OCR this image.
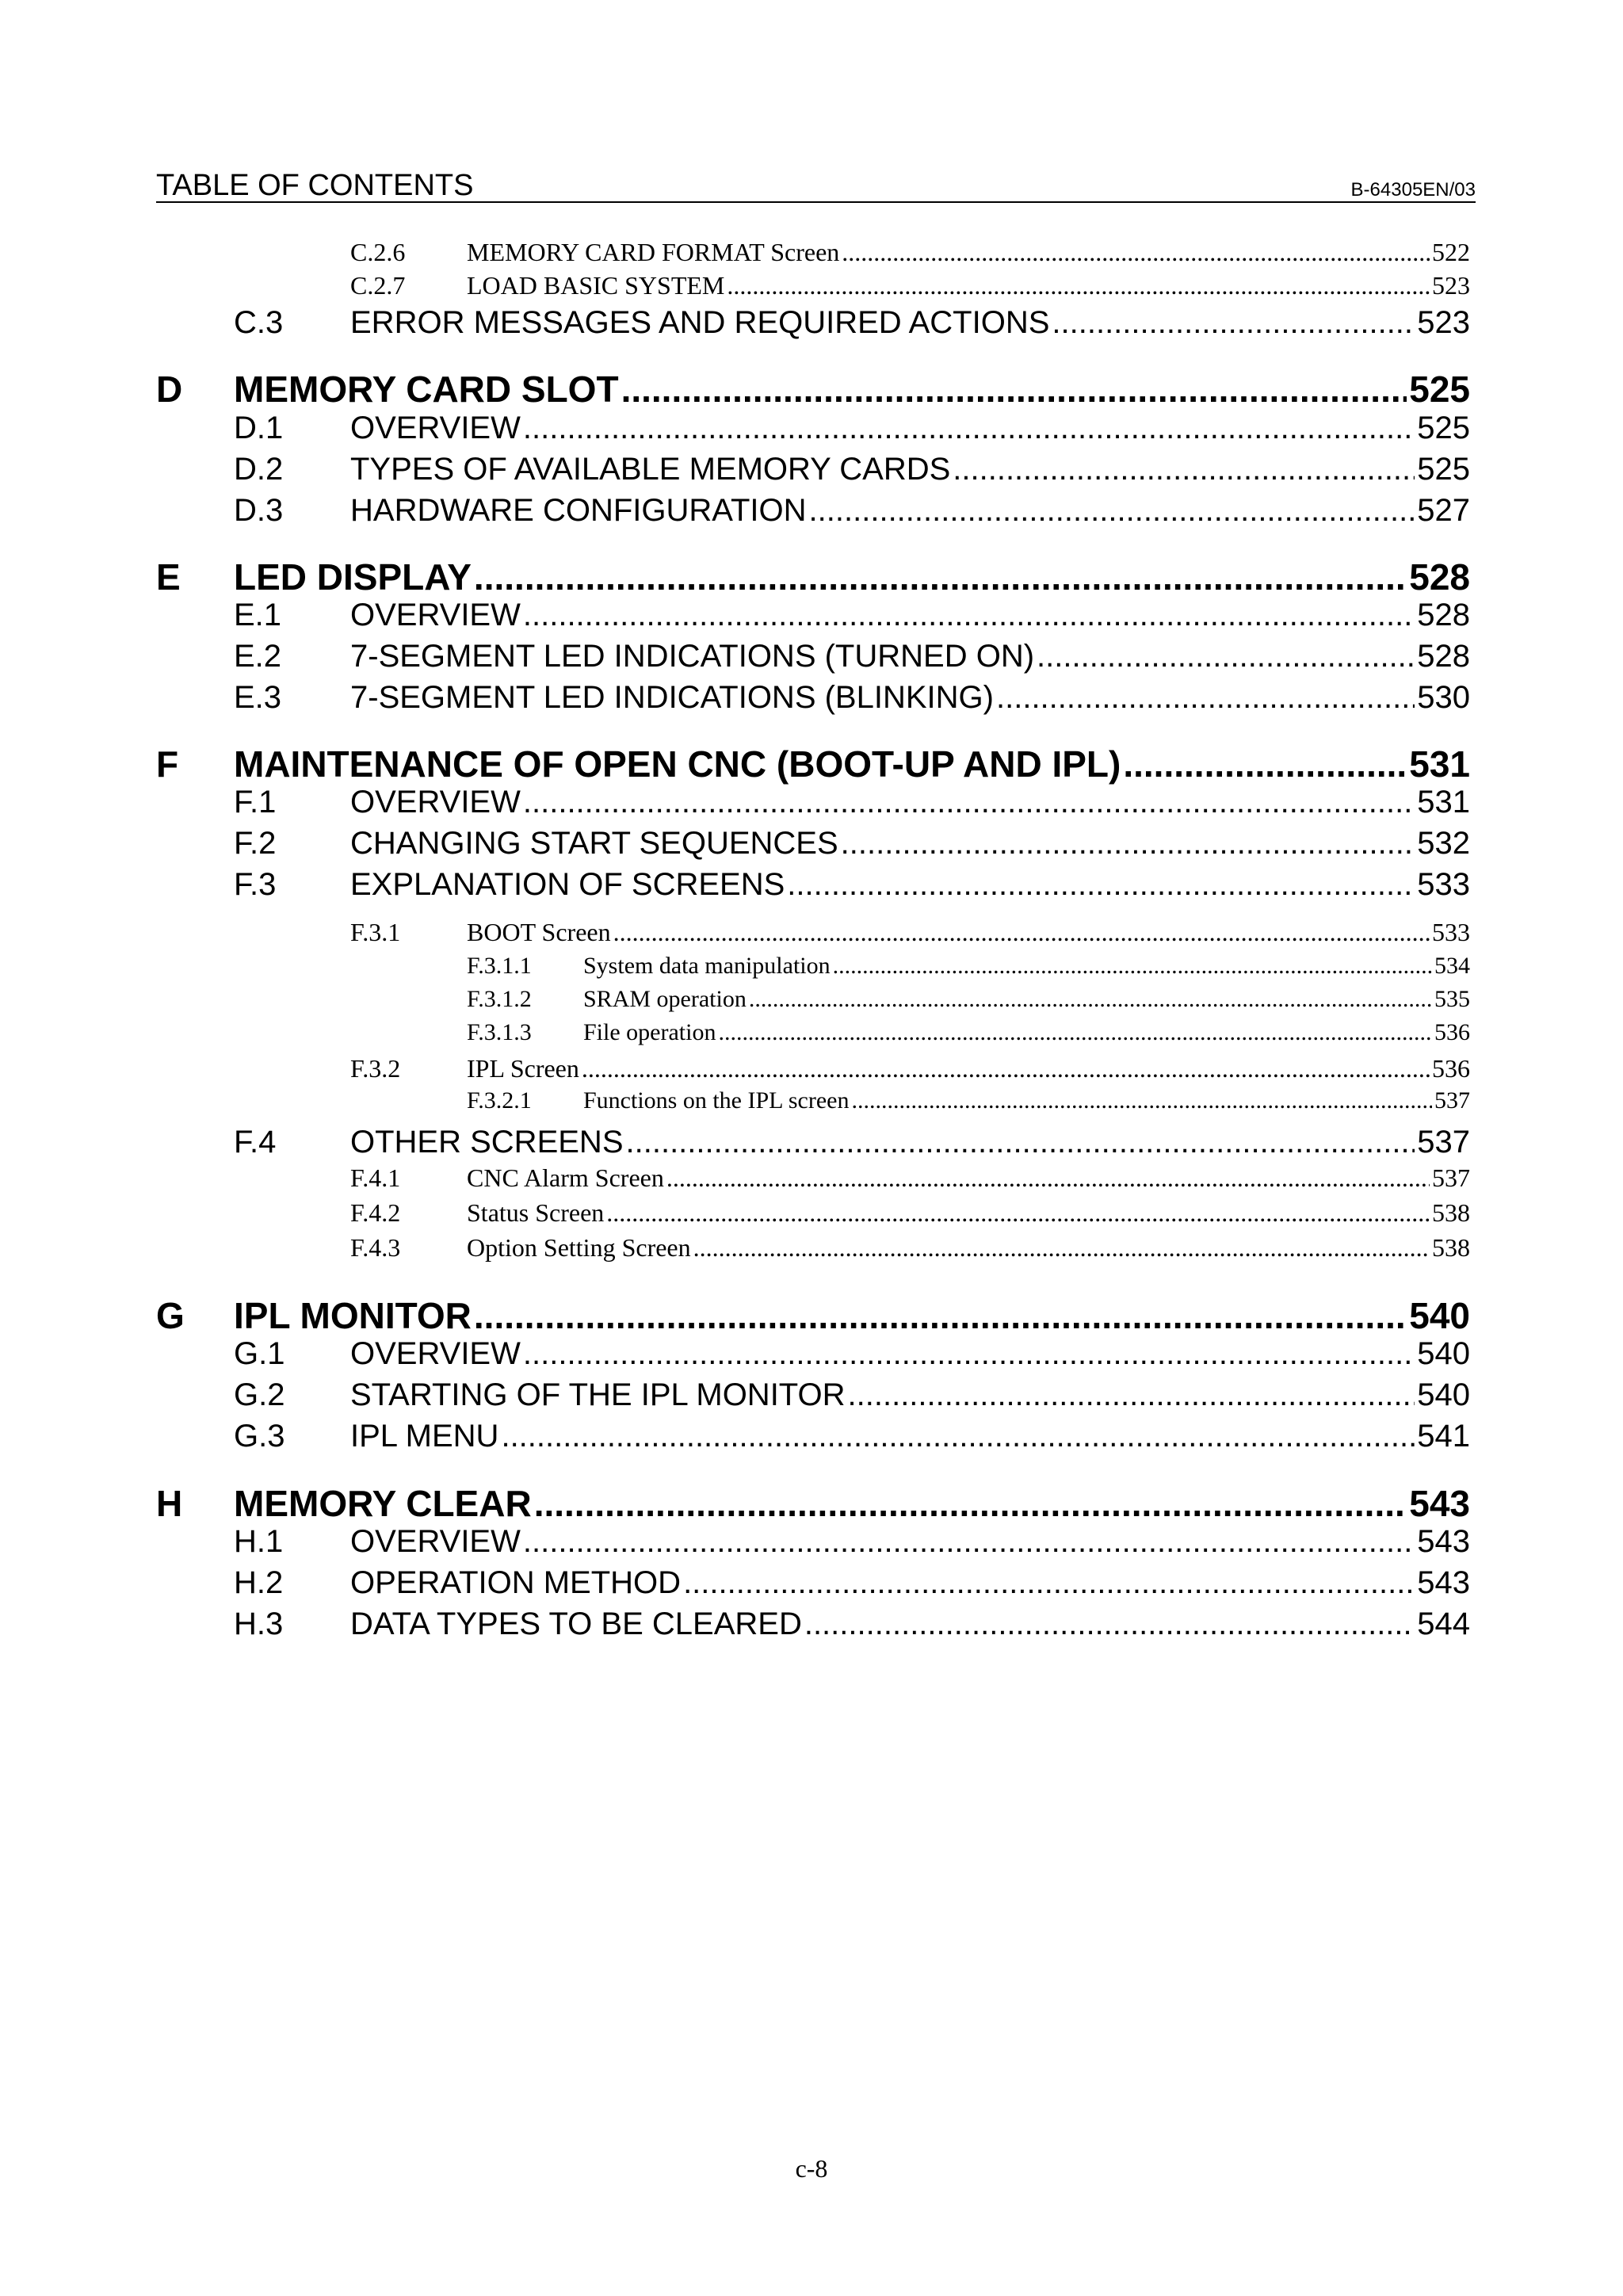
TABLE OF CONTENTS	B-64305EN/03
C.2.6	MEMORY CARD FORMAT Screen .....	522
C.2.7	LOAD BASIC SYSTEM .....	523
C.3	ERROR MESSAGES AND REQUIRED ACTIONS .....	523
D	MEMORY CARD SLOT .....	525
D.1	OVERVIEW .....	525
D.2	TYPES OF AVAILABLE MEMORY CARDS .....	525
D.3	HARDWARE CONFIGURATION .....	527
E	LED DISPLAY .....	528
E.1	OVERVIEW .....	528
E.2	7-SEGMENT LED INDICATIONS (TURNED ON) .....	528
E.3	7-SEGMENT LED INDICATIONS (BLINKING) .....	530
F	MAINTENANCE OF OPEN CNC (BOOT-UP AND IPL) .....	531
F.1	OVERVIEW .....	531
F.2	CHANGING START SEQUENCES .....	532
F.3	EXPLANATION OF SCREENS .....	533
F.3.1	BOOT Screen .....	533
F.3.1.1	System data manipulation .....	534
F.3.1.2	SRAM operation .....	535
F.3.1.3	File operation .....	536
F.3.2	IPL Screen .....	536
F.3.2.1	Functions on the IPL screen .....	537
F.4	OTHER SCREENS .....	537
F.4.1	CNC Alarm Screen .....	537
F.4.2	Status Screen .....	538
F.4.3	Option Setting Screen .....	538
G	IPL MONITOR .....	540
G.1	OVERVIEW .....	540
G.2	STARTING OF THE IPL MONITOR .....	540
G.3	IPL MENU .....	541
H	MEMORY CLEAR .....	543
H.1	OVERVIEW .....	543
H.2	OPERATION METHOD .....	543
H.3	DATA TYPES TO BE CLEARED .....	544
c-8
